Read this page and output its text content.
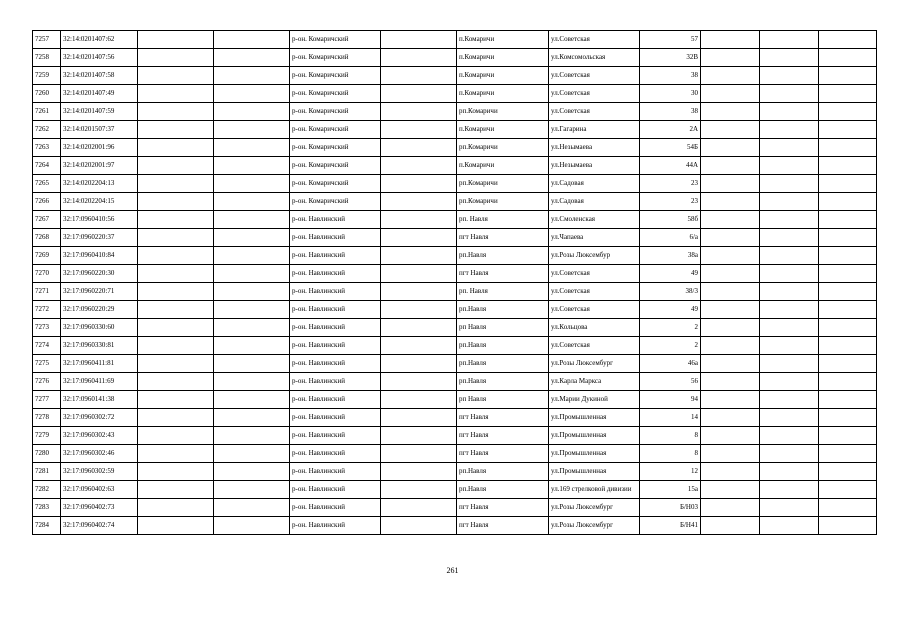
7257	32:14:0201407:62			р-он. Комаричский		п.Комаричи	ул.Советская	57			
7258	32:14:0201407:56			р-он. Комаричский		п.Комаричи	ул.Комсомольская	32В			
7259	32:14:0201407:58			р-он. Комаричский		п.Комаричи	ул.Советская	38			
7260	32:14:0201407:49			р-он. Комаричский		п.Комаричи	ул.Советская	30			
7261	32:14:0201407:59			р-он. Комаричский		рп.Комаричи	ул.Советская	38			
7262	32:14:0201507:37			р-он. Комаричский		п.Комаричи	ул.Гагарина	2А			
7263	32:14:0202001:96			р-он. Комаричский		рп.Комаричи	ул.Незымаева	54Б			
7264	32:14:0202001:97			р-он. Комаричский		п.Комаричи	ул.Незымаева	44А			
7265	32:14:0202204:13			р-он. Комаричский		рп.Комаричи	ул.Садовая	23			
7266	32:14:0202204:15			р-он. Комаричский		рп.Комаричи	ул.Садовая	23			
7267	32:17:0960410:56			р-он. Навлинский		рп. Навля	ул.Смоленская	58б			
7268	32:17:0960220:37			р-он. Навлинский		пгт Навля	ул.Чапаева	6/а			
7269	32:17:0960410:84			р-он. Навлинский		рп.Навля	ул.Розы Люксембур	38а			
7270	32:17:0960220:30			р-он. Навлинский		пгт Навля	ул.Советская	49			
7271	32:17:0960220:71			р-он. Навлинский		рп. Навля	ул.Советская	38/3			
7272	32:17:0960220:29			р-он. Навлинский		рп.Навля	ул.Советская	49			
7273	32:17:0960330:60			р-он. Навлинский		рп Навля	ул.Кольцова	2			
7274	32:17:0960330:81			р-он. Навлинский		рп.Навля	ул.Советская	2			
7275	32:17:0960411:81			р-он. Навлинский		рп.Навля	ул.Розы Люксембург	46а			
7276	32:17:0960411:69			р-он. Навлинский		рп.Навля	ул.Карла Маркса	56			
7277	32:17:0960141:38			р-он. Навлинский		рп Навля	ул.Марии Дукиной	94			
7278	32:17:0960302:72			р-он. Навлинский		пгт Навля	ул.Промышленная	14			
7279	32:17:0960302:43			р-он. Навлинский		пгт Навля	ул.Промышленная	8			
7280	32:17:0960302:46			р-он. Навлинский		пгт Навля	ул.Промышленная	8			
7281	32:17:0960302:59			р-он. Навлинский		рп.Навля	ул.Промышленная	12			
7282	32:17:0960402:63			р-он. Навлинский		рп.Навля	ул.169 стрелковой дивизии	15а			
7283	32:17:0960402:73			р-он. Навлинский		пгт Навля	ул.Розы Люксембург	Б/Н03			
7284	32:17:0960402:74			р-он. Навлинский		пгт Навля	ул.Розы Люксембург	Б/Н41			
261
